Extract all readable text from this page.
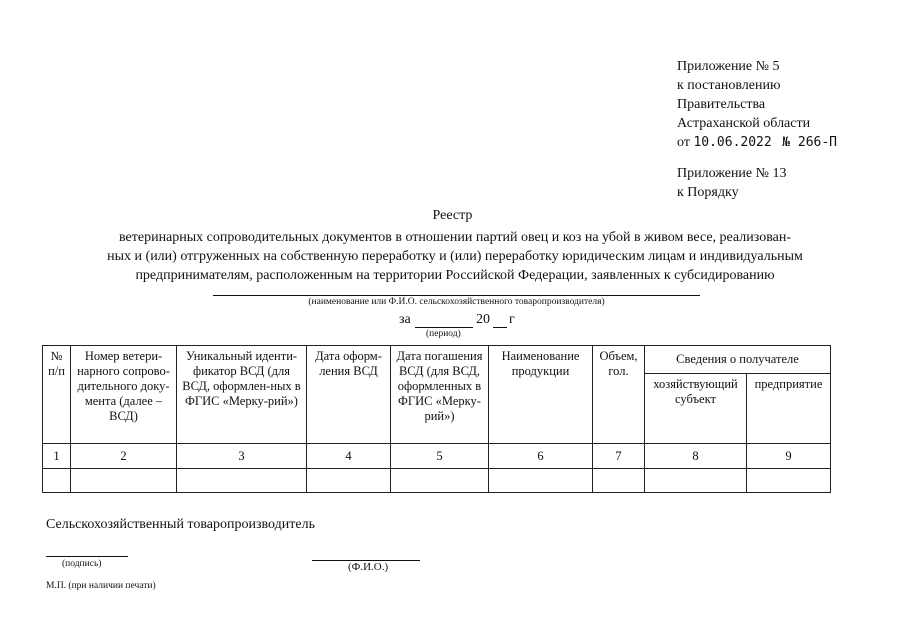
Приложение № 5
к постановлению
Правительства
Астраханской области
от 10.06.2022 № 266-П
Приложение № 13
к Порядку
Реестр
ветеринарных сопроводительных документов в отношении партий овец и коз на убой в живом весе, реализован-
ных и (или) отгруженных на собственную переработку и (или) переработку юридическим лицам и индивидуальным
предпринимателям, расположенным на территории Российской Федерации, заявленных к субсидированию
(наименование или Ф.И.О. сельскохозяйственного товаропроизводителя)
за	20 г
(период)
№ п/п	Номер ветери-нарного сопрово-дительного доку-мента (далее – ВСД)	Уникальный иденти-фикатор ВСД (для ВСД, оформлен-ных в ФГИС «Мерку-рий»)	Дата оформ-ления ВСД	Дата погашения ВСД (для ВСД, оформленных в ФГИС «Мерку-рий»)	Наименование продукции	Объем, гол.	Сведения о получателе	
							хозяйствующий субъект	предприятие
1	2	3	4	5	6	7	8	9

Сельскохозяйственный товаропроизводитель
(подпись)	(Ф.И.О.)
М.П. (при наличии печати)
